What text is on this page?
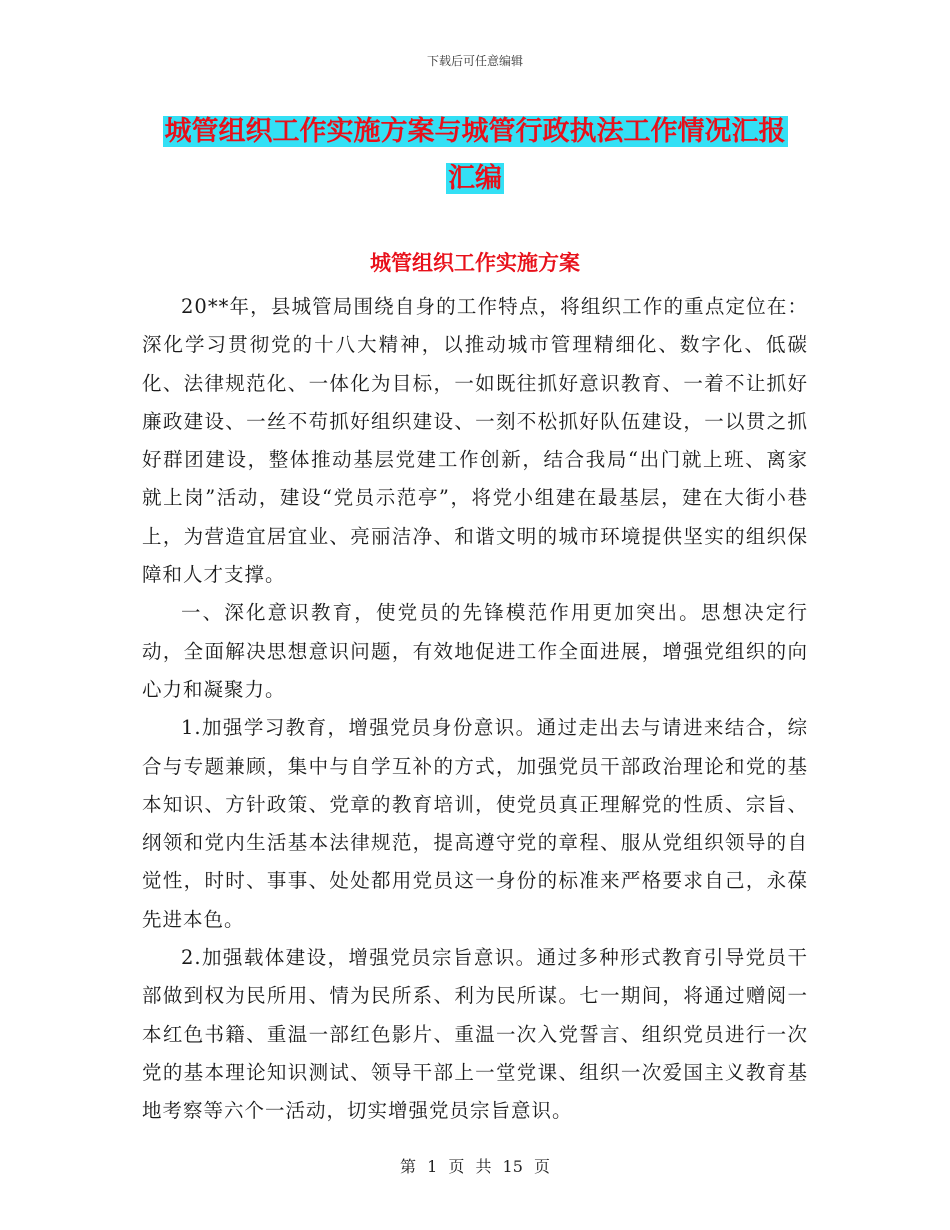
下载后可任意编辑
城管组织工作实施方案与城管行政执法工作情况汇报
汇编
城管组织工作实施方案

20**年，县城管局围绕自身的工作特点，将组织工作的重点定位在：深化学习贯彻党的十八大精神，以推动城市管理精细化、数字化、低碳化、法律规范化、一体化为目标，一如既往抓好意识教育、一着不让抓好廉政建设、一丝不苟抓好组织建设、一刻不松抓好队伍建设，一以贯之抓好群团建设，整体推动基层党建工作创新，结合我局“出门就上班、离家就上岗”活动，建设“党员示范亭”，将党小组建在最基层，建在大街小巷上，为营造宜居宜业、亮丽洁净、和谐文明的城市环境提供坚实的组织保障和人才支撑。

一、深化意识教育，使党员的先锋模范作用更加突出。思想决定行动，全面解决思想意识问题，有效地促进工作全面进展，增强党组织的向心力和凝聚力。

1.加强学习教育，增强党员身份意识。通过走出去与请进来结合，综合与专题兼顾，集中与自学互补的方式，加强党员干部政治理论和党的基本知识、方针政策、党章的教育培训，使党员真正理解党的性质、宗旨、纲领和党内生活基本法律规范，提高遵守党的章程、服从党组织领导的自觉性，时时、事事、处处都用党员这一身份的标准来严格要求自己，永葆先进本色。

2.加强载体建设，增强党员宗旨意识。通过多种形式教育引导党员干部做到权为民所用、情为民所系、利为民所谋。七一期间，将通过赠阅一本红色书籍、重温一部红色影片、重温一次入党誓言、组织党员进行一次党的基本理论知识测试、领导干部上一堂党课、组织一次爱国主义教育基地考察等六个一活动，切实增强党员宗旨意识。

第 1 页 共 15 页
